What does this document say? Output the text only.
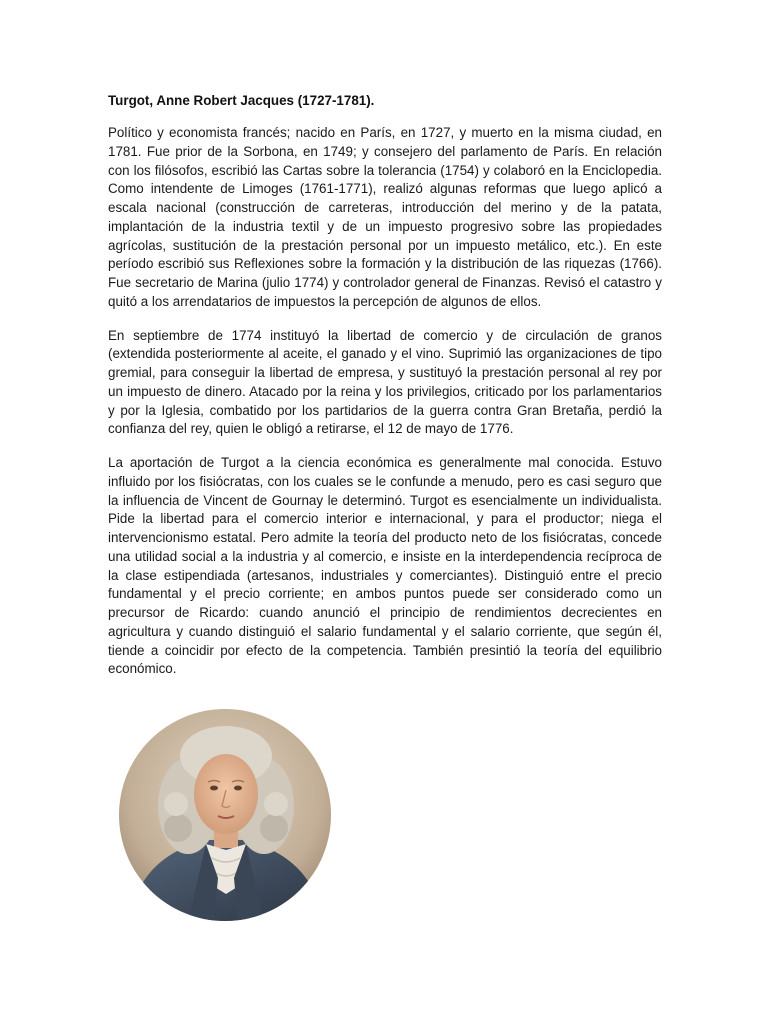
Turgot, Anne Robert Jacques (1727-1781).

Político y economista francés; nacido en París, en 1727, y muerto en la misma ciudad, en 1781. Fue prior de la Sorbona, en 1749; y consejero del parlamento de París. En relación con los filósofos, escribió las Cartas sobre la tolerancia (1754) y colaboró en la Enciclopedia. Como intendente de Limoges (1761-1771), realizó algunas reformas que luego aplicó a escala nacional (construcción de carreteras, introducción del merino y de la patata, implantación de la industria textil y de un impuesto progresivo sobre las propiedades agrícolas, sustitución de la prestación personal por un impuesto metálico, etc.). En este período escribió sus Reflexiones sobre la formación y la distribución de las riquezas (1766). Fue secretario de Marina (julio 1774) y controlador general de Finanzas. Revisó el catastro y quitó a los arrendatarios de impuestos la percepción de algunos de ellos.

En septiembre de 1774 instituyó la libertad de comercio y de circulación de granos (extendida posteriormente al aceite, el ganado y el vino. Suprimió las organizaciones de tipo gremial, para conseguir la libertad de empresa, y sustituyó la prestación personal al rey por un impuesto de dinero. Atacado por la reina y los privilegios, criticado por los parlamentarios y por la Iglesia, combatido por los partidarios de la guerra contra Gran Bretaña, perdió la confianza del rey, quien le obligó a retirarse, el 12 de mayo de 1776.

La aportación de Turgot a la ciencia económica es generalmente mal conocida. Estuvo influido por los fisiócratas, con los cuales se le confunde a menudo, pero es casi seguro que la influencia de Vincent de Gournay le determinó. Turgot es esencialmente un individualista. Pide la libertad para el comercio interior e internacional, y para el productor; niega el intervencionismo estatal. Pero admite la teoría del producto neto de los fisiócratas, concede una utilidad social a la industria y al comercio, e insiste en la interdependencia recíproca de la clase estipendiada (artesanos, industriales y comerciantes). Distinguió entre el precio fundamental y el precio corriente; en ambos puntos puede ser considerado como un precursor de Ricardo: cuando anunció el principio de rendimientos decrecientes en agricultura y cuando distinguió el salario fundamental y el salario corriente, que según él, tiende a coincidir por efecto de la competencia. También presintió la teoría del equilibrio económico.
